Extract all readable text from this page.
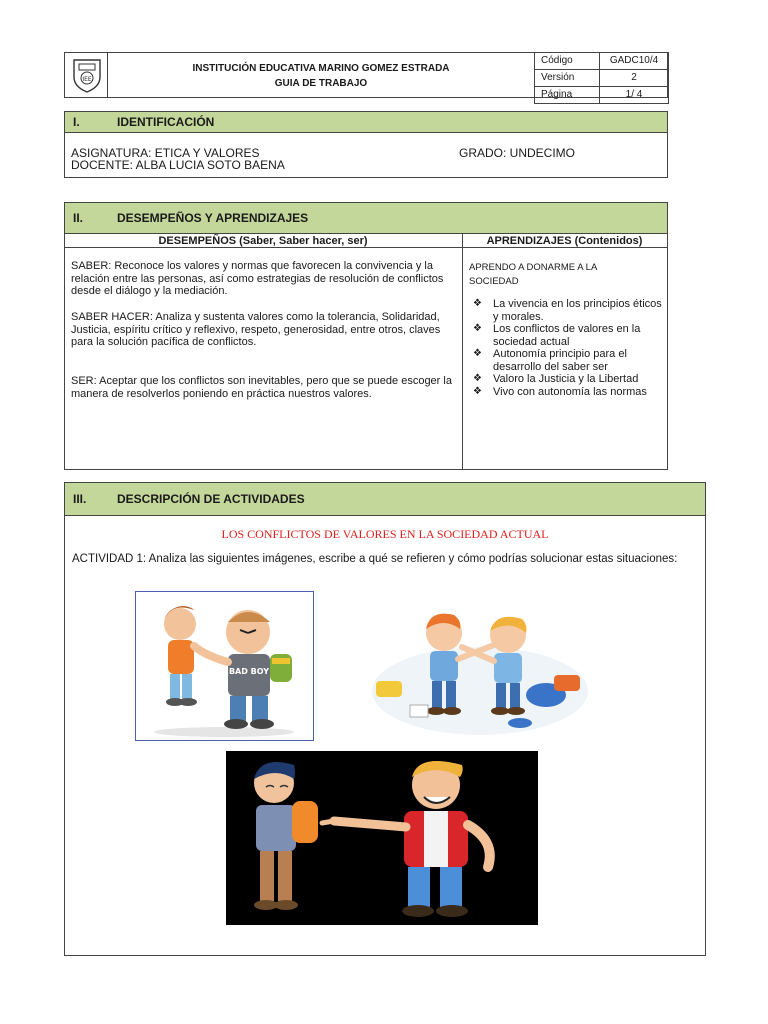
IEE
INSTITUCIÓN EDUCATIVA MARINO GOMEZ ESTRADA
GUIA DE TRABAJO
Código	GADC10/4
Versión	2
Página	1/ 4
I.	IDENTIFICACIÓN
ASIGNATURA: ETICA Y VALORES	GRADO: UNDECIMO
DOCENTE: ALBA LUCIA SOTO BAENA
II.	DESEMPEÑOS Y APRENDIZAJES
DESEMPEÑOS (Saber, Saber hacer, ser)	APRENDIZAJES (Contenidos)
SABER: Reconoce los valores y normas que favorecen la convivencia y la relación entre las personas, así como estrategias de resolución de conflictos desde el diálogo y la mediación.
SABER HACER: Analiza y sustenta valores como la tolerancia, Solidaridad, Justicia, espíritu crítico y reflexivo, respeto, generosidad, entre otros, claves para la solución pacífica de conflictos.
SER: Aceptar que los conflictos son inevitables, pero que se puede escoger la manera de resolverlos poniendo en práctica nuestros valores.
APRENDO A DONARME A LA SOCIEDAD
❖ La vivencia en los principios éticos y morales.
❖ Los conflictos de valores en la sociedad actual
❖ Autonomía principio para el desarrollo del saber ser
❖ Valoro la Justicia y la Libertad
❖ Vivo con autonomía las normas
III.	DESCRIPCIÓN DE ACTIVIDADES
LOS CONFLICTOS DE VALORES EN LA SOCIEDAD ACTUAL
ACTIVIDAD 1: Analiza las siguientes imágenes, escribe a qué se refieren y cómo podrías solucionar estas situaciones:
BAD BOY
